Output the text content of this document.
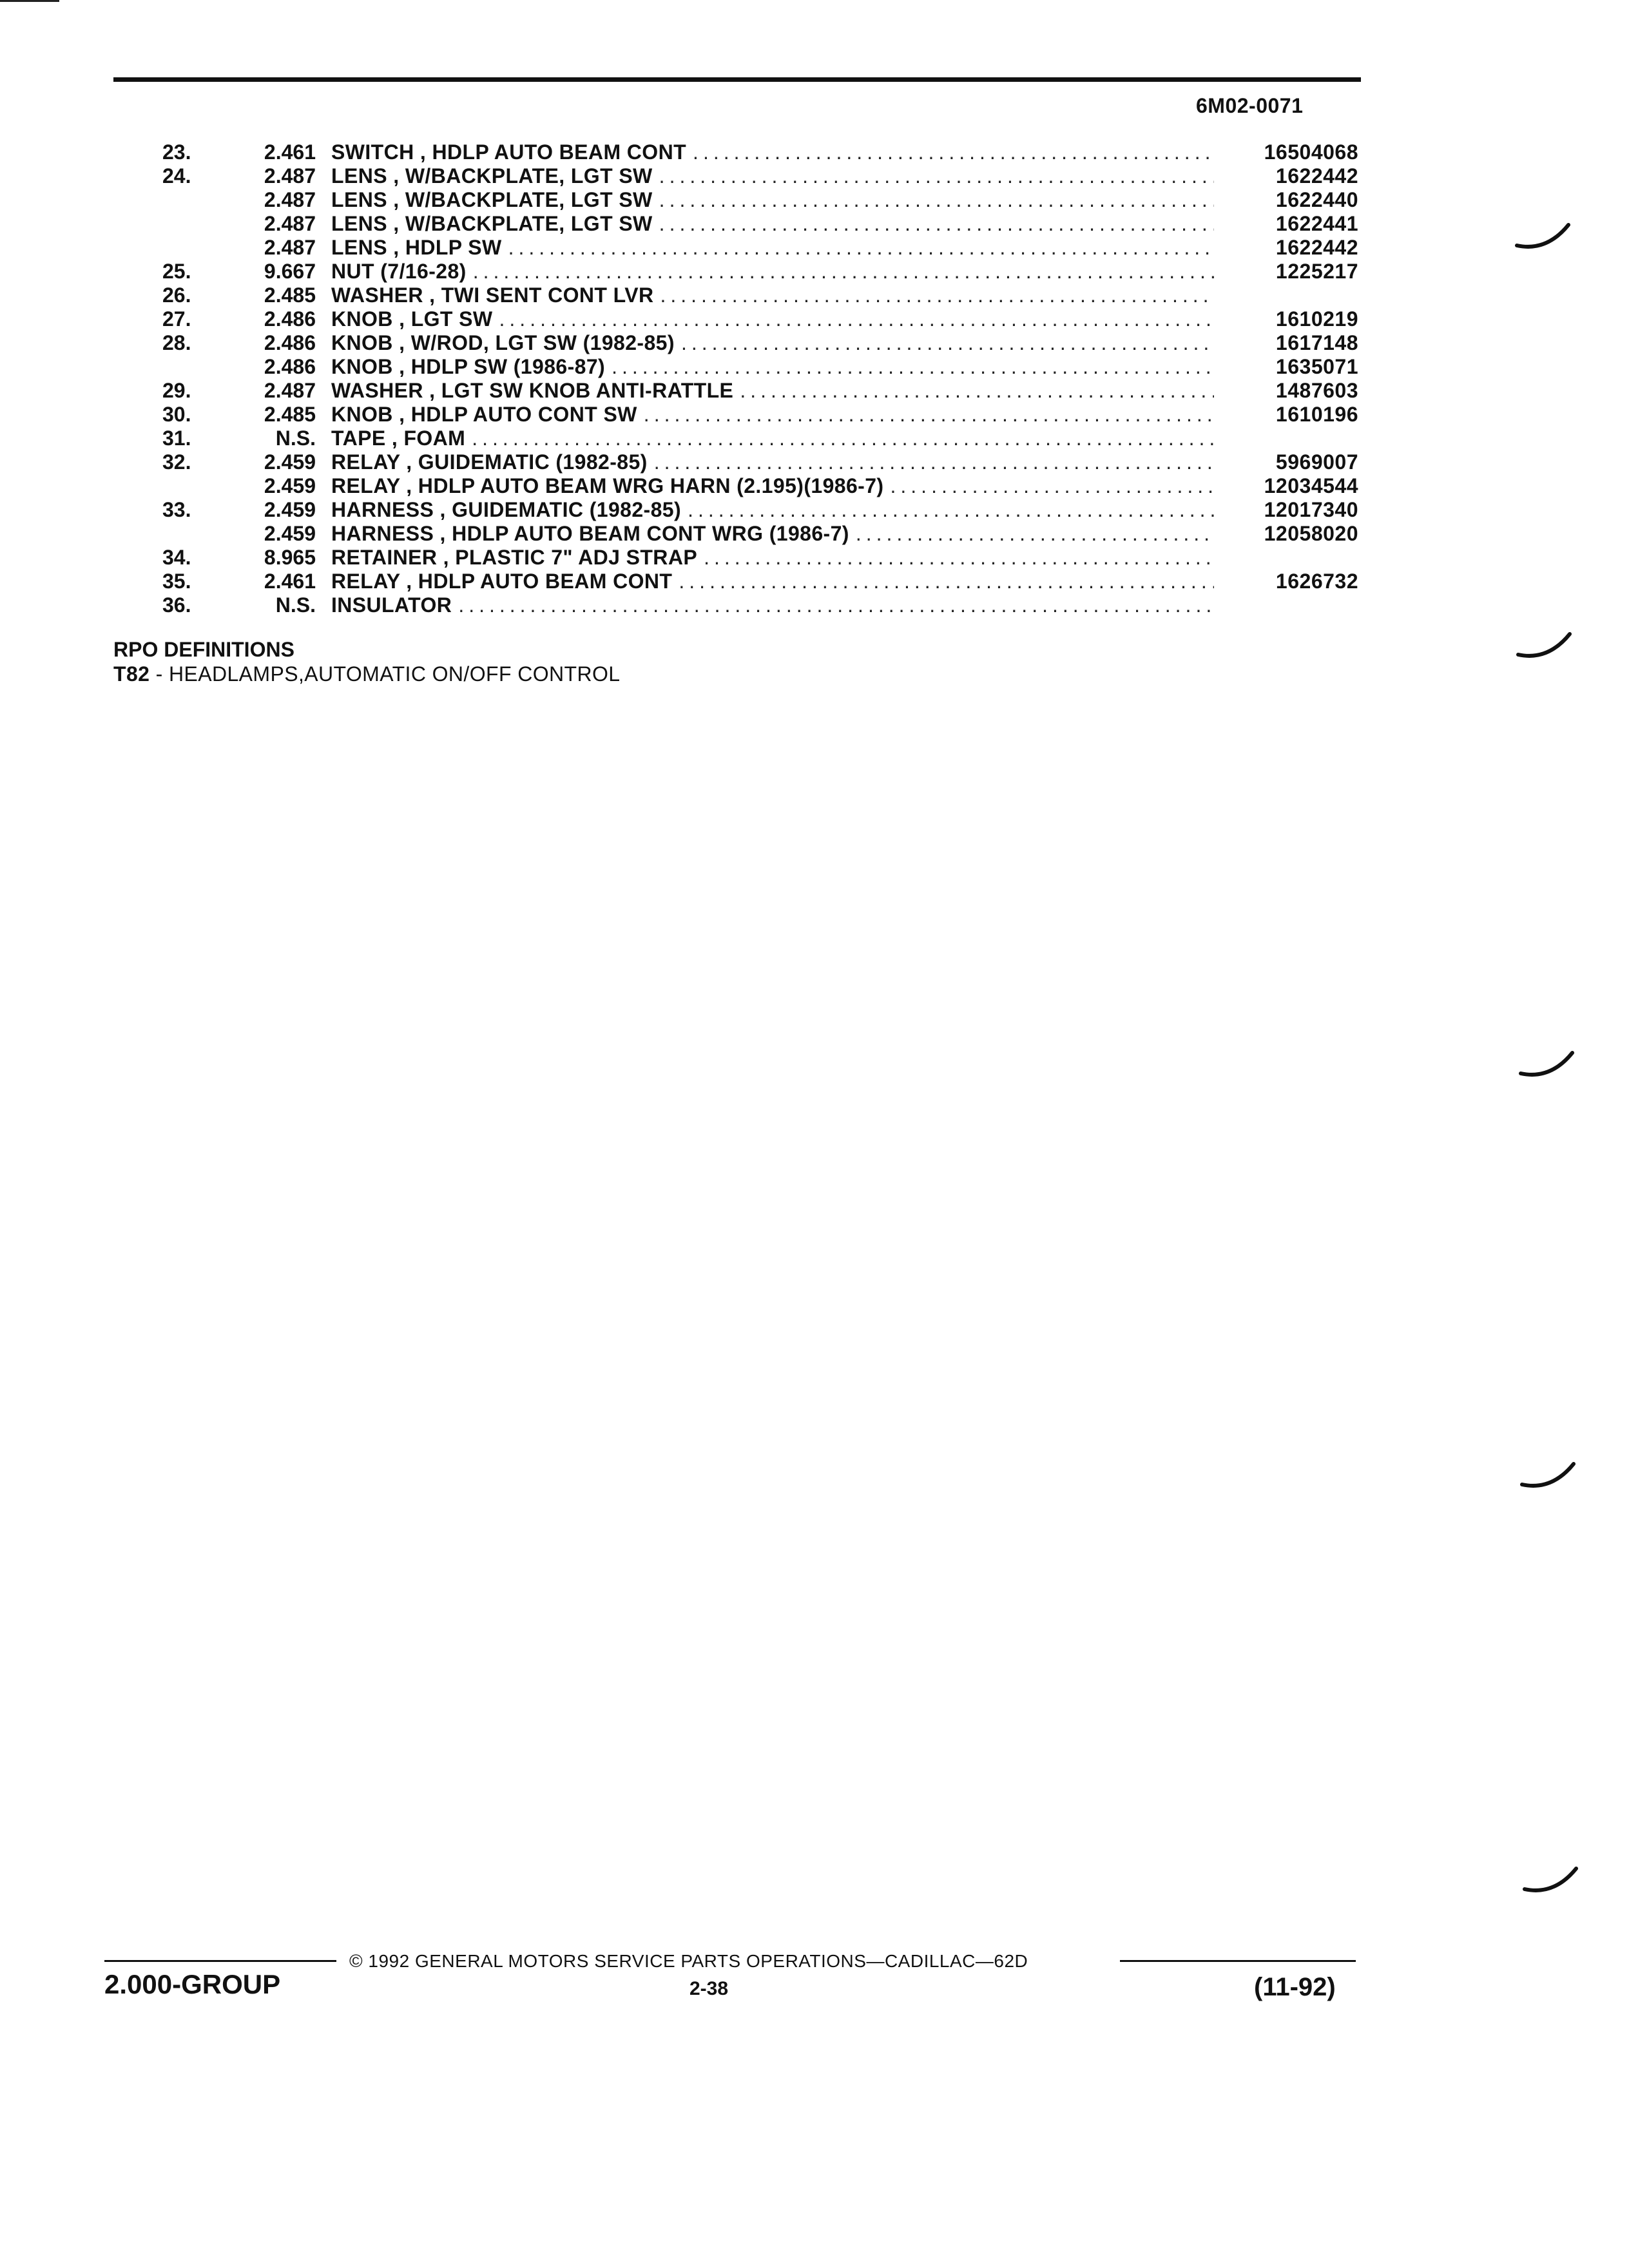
6M02-0071
23.	2.461 SWITCH , HDLP AUTO BEAM CONT .....	16504068
24.	2.487 LENS , W/BACKPLATE, LGT SW .....	1622442
2.487 LENS , W/BACKPLATE, LGT SW .....	1622440
2.487 LENS , W/BACKPLATE, LGT SW .....	1622441
2.487 LENS , HDLP SW .....	1622442
25.	9.667 NUT (7/16-28) .....	1225217
26.	2.485 WASHER , TWI SENT CONT LVR .....
27.	2.486 KNOB , LGT SW .....	1610219
28.	2.486 KNOB , W/ROD, LGT SW (1982-85) .....	1617148
2.486 KNOB , HDLP SW (1986-87) .....	1635071
29.	2.487 WASHER , LGT SW KNOB ANTI-RATTLE .....	1487603
30.	2.485 KNOB , HDLP AUTO CONT SW .....	1610196
31.	N.S. TAPE , FOAM .....
32.	2.459 RELAY , GUIDEMATIC (1982-85) .....	5969007
2.459 RELAY , HDLP AUTO BEAM WRG HARN (2.195)(1986-7) .....	12034544
33.	2.459 HARNESS , GUIDEMATIC (1982-85) .....	12017340
2.459 HARNESS , HDLP AUTO BEAM CONT WRG (1986-7) .....	12058020
34.	8.965 RETAINER , PLASTIC 7" ADJ STRAP .....
35.	2.461 RELAY , HDLP AUTO BEAM CONT .....	1626732
36.	N.S. INSULATOR .....
RPO DEFINITIONS
T82 - HEADLAMPS,AUTOMATIC ON/OFF CONTROL
© 1992 GENERAL MOTORS SERVICE PARTS OPERATIONS—CADILLAC—62D
2.000-GROUP	2-38	(11-92)
